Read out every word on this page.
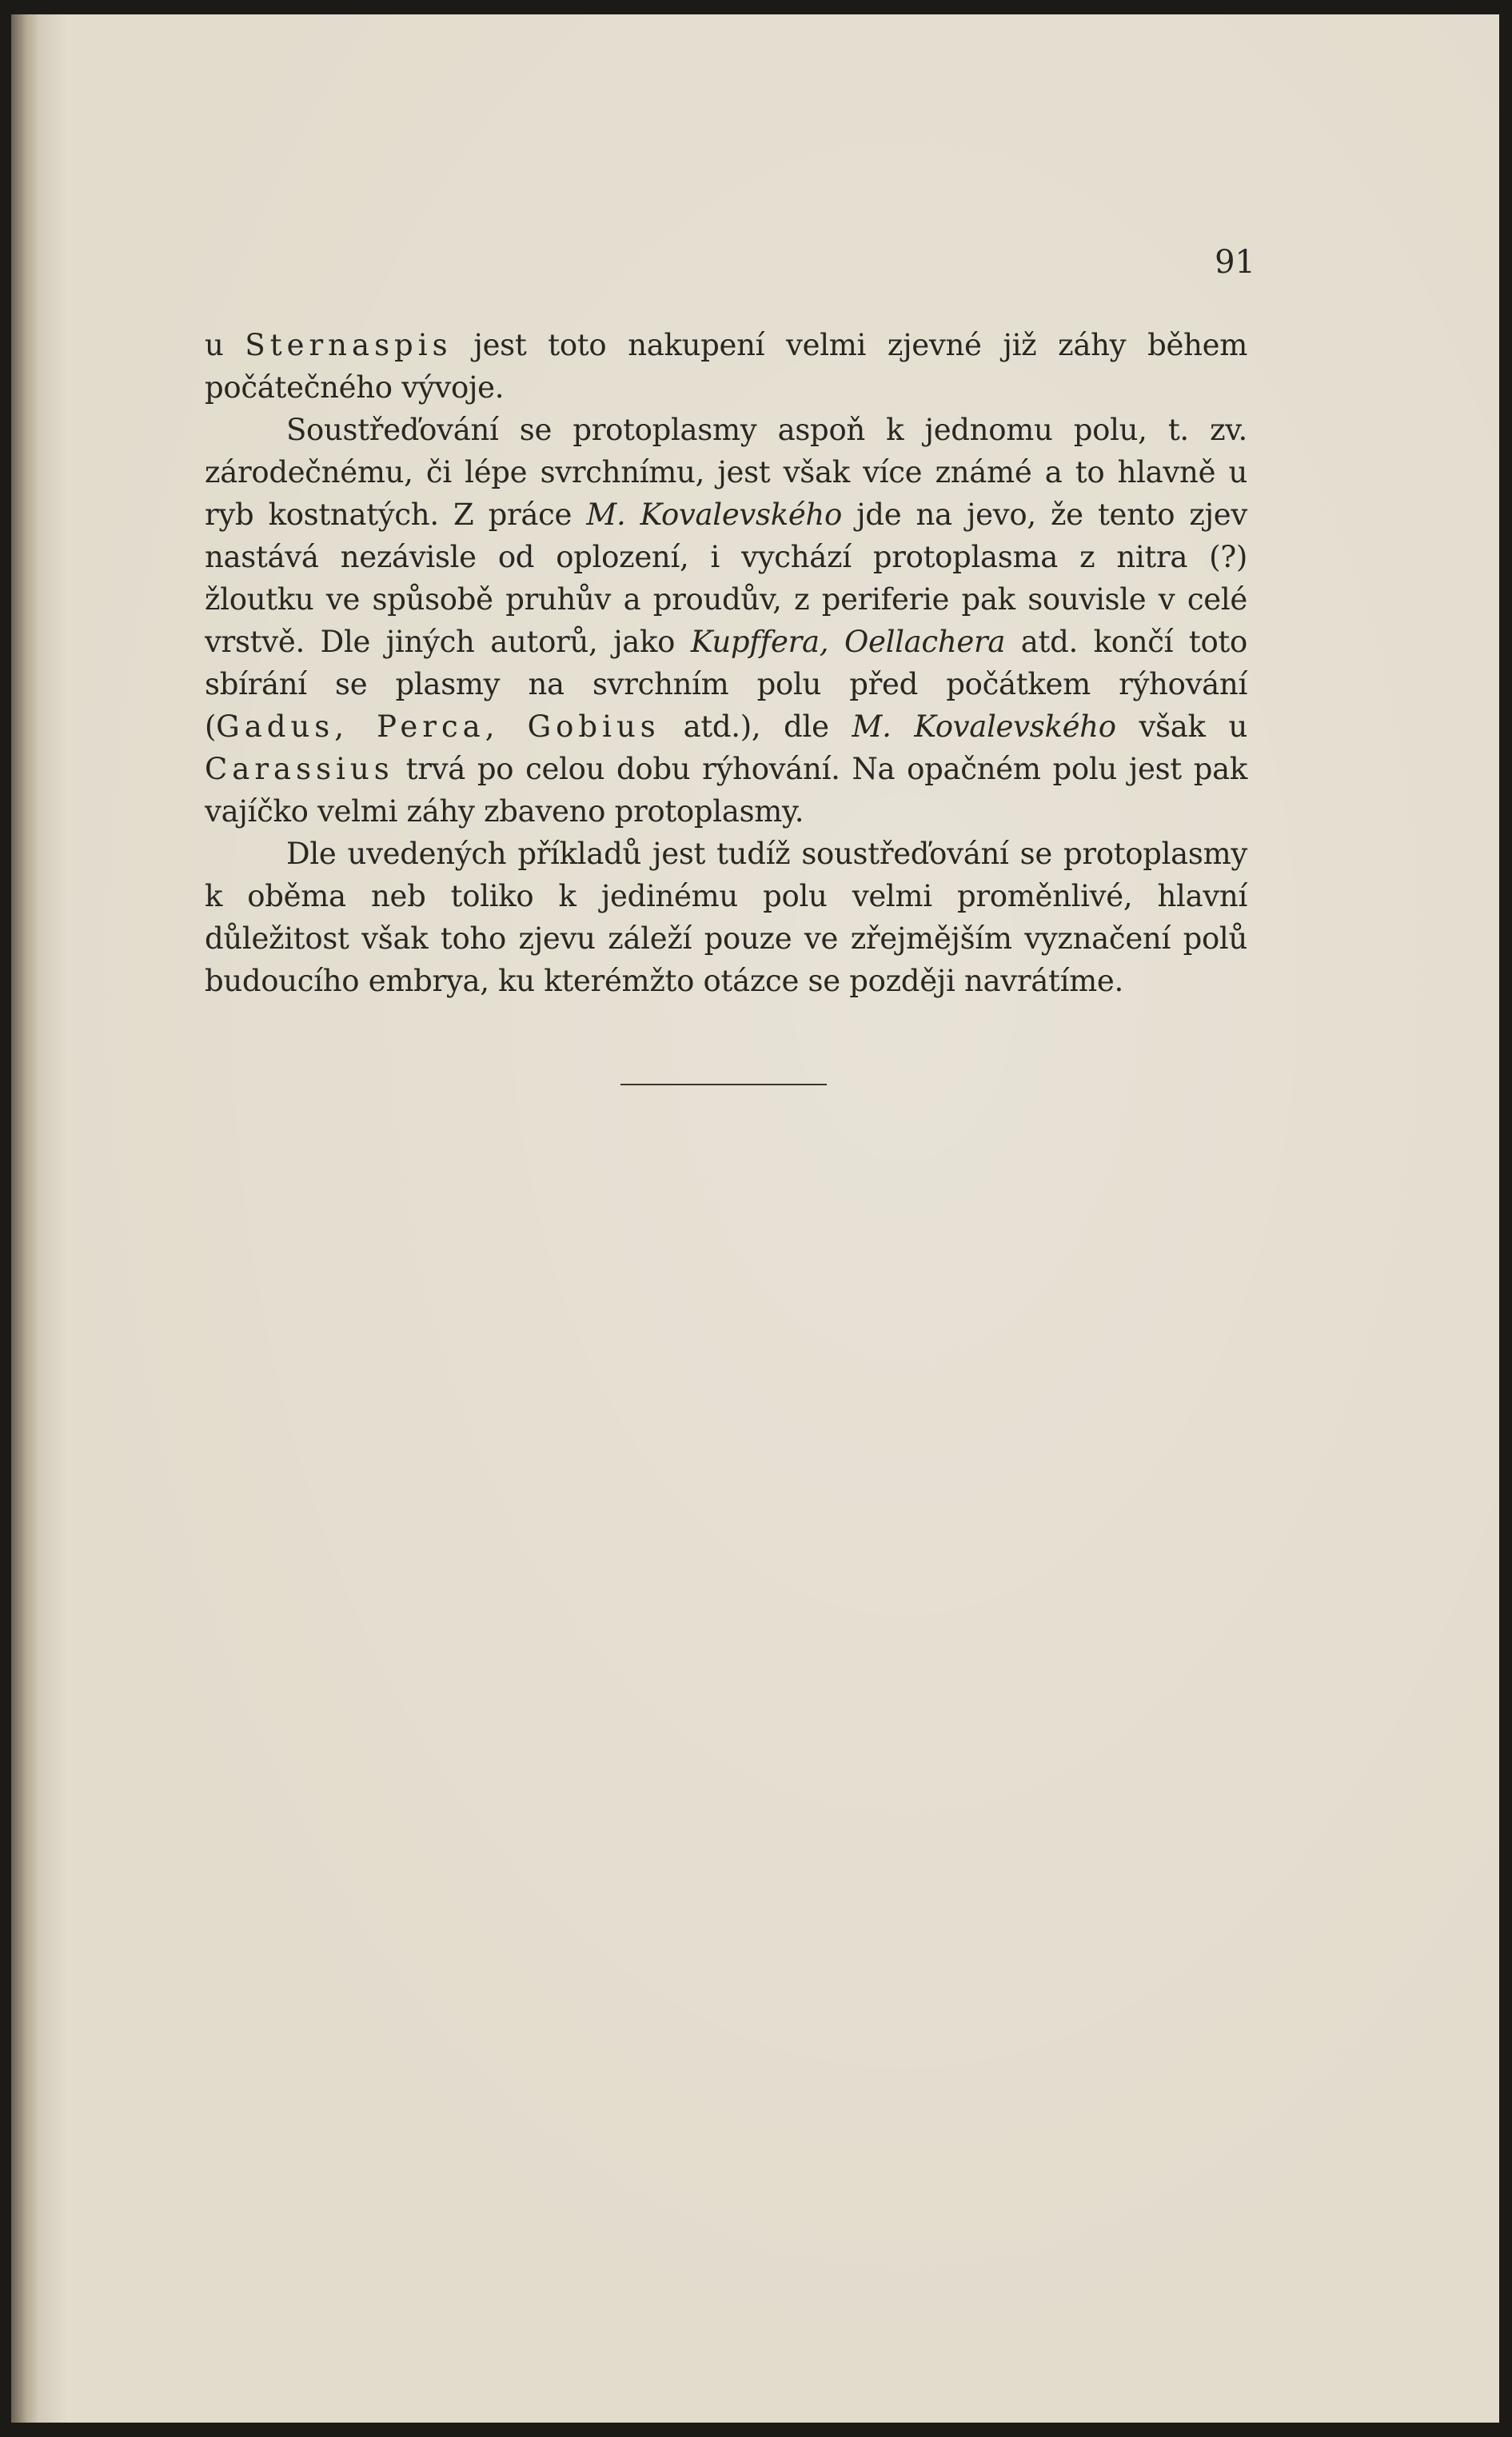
91

u Sternaspis jest toto nakupení velmi zjevné již záhy během počátečného vývoje.

Soustřeďování se protoplasmy aspoň k jednomu polu, t. zv. zárodečnému, či lépe svrchnímu, jest však více známé a to hlavně u ryb kostnatých. Z práce M. Kovalevského jde na jevo, že tento zjev nastává nezávisle od oplození, i vychází protoplasma z nitra (?) žloutku ve spůsobě pruhův a proudův, z periferie pak souvisle v celé vrstvě. Dle jiných autorů, jako Kupffera, Oellachera atd. končí toto sbírání se plasmy na svrchním polu před počátkem rýhování (Gadus, Perca, Gobius atd.), dle M. Kovalevského však u Carassius trvá po celou dobu rýhování. Na opačném polu jest pak vajíčko velmi záhy zbaveno protoplasmy.

Dle uvedených příkladů jest tudíž soustřeďování se protoplasmy k oběma neb toliko k jedinému polu velmi proměnlivé, hlavní důležitost však toho zjevu záleží pouze ve zřejmějším vyznačení polů budoucího embrya, ku kterémžto otázce se později navrátíme.
